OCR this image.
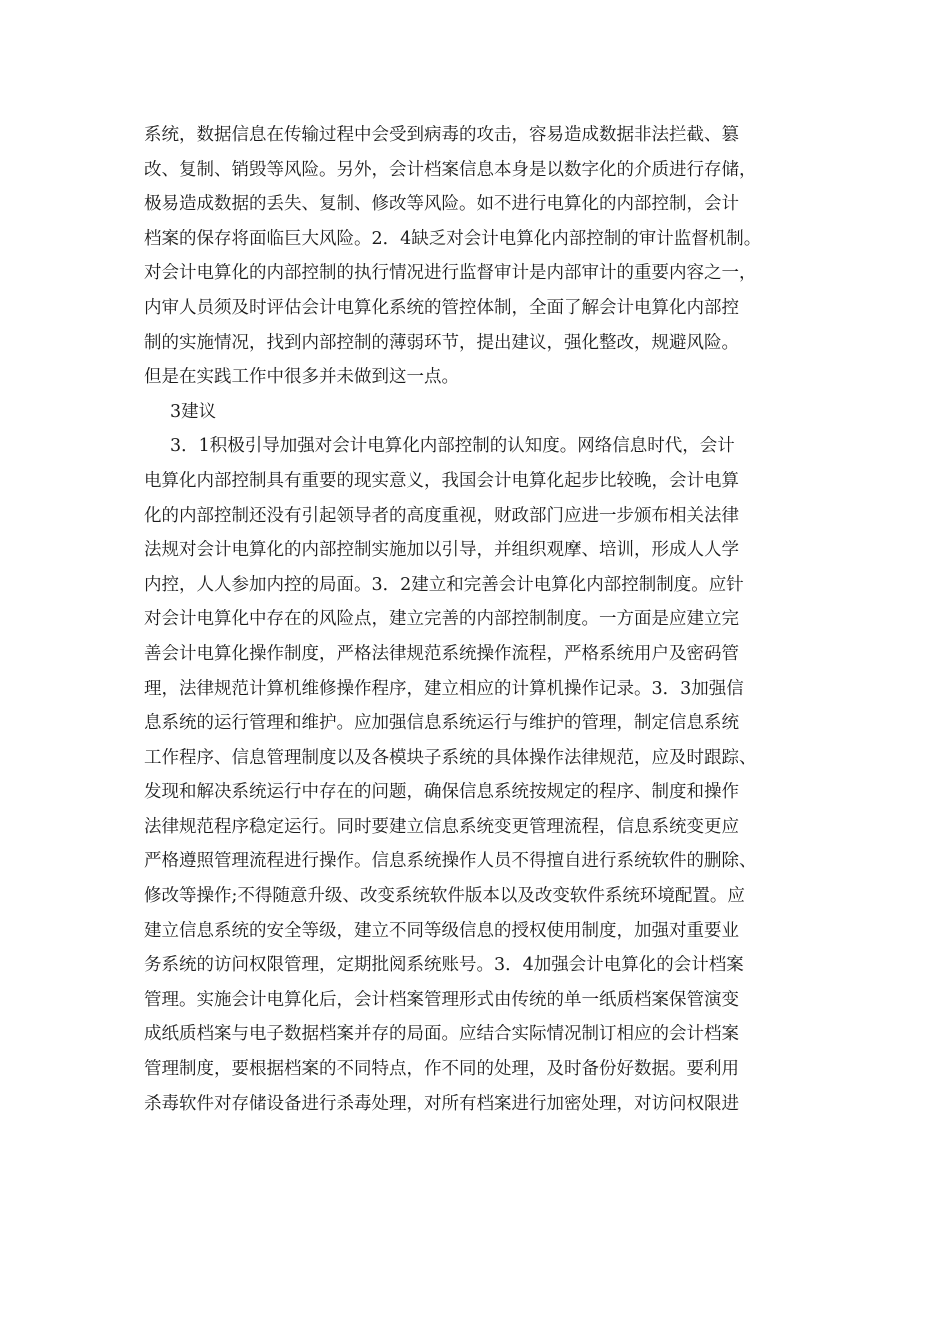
系统，数据信息在传输过程中会受到病毒的攻击，容易造成数据非法拦截、篡
改、复制、销毁等风险。另外，会计档案信息本身是以数字化的介质进行存储，
极易造成数据的丢失、复制、修改等风险。如不进行电算化的内部控制，会计
档案的保存将面临巨大风险。2．4缺乏对会计电算化内部控制的审计监督机制。
对会计电算化的内部控制的执行情况进行监督审计是内部审计的重要内容之一，
内审人员须及时评估会计电算化系统的管控体制，全面了解会计电算化内部控
制的实施情况，找到内部控制的薄弱环节，提出建议，强化整改，规避风险。
但是在实践工作中很多并未做到这一点。
3建议
3．1积极引导加强对会计电算化内部控制的认知度。网络信息时代，会计
电算化内部控制具有重要的现实意义，我国会计电算化起步比较晚，会计电算
化的内部控制还没有引起领导者的高度重视，财政部门应进一步颁布相关法律
法规对会计电算化的内部控制实施加以引导，并组织观摩、培训，形成人人学
内控，人人参加内控的局面。3．2建立和完善会计电算化内部控制制度。应针
对会计电算化中存在的风险点，建立完善的内部控制制度。一方面是应建立完
善会计电算化操作制度，严格法律规范系统操作流程，严格系统用户及密码管
理，法律规范计算机维修操作程序，建立相应的计算机操作记录。3．3加强信
息系统的运行管理和维护。应加强信息系统运行与维护的管理，制定信息系统
工作程序、信息管理制度以及各模块子系统的具体操作法律规范，应及时跟踪、
发现和解决系统运行中存在的问题，确保信息系统按规定的程序、制度和操作
法律规范程序稳定运行。同时要建立信息系统变更管理流程，信息系统变更应
严格遵照管理流程进行操作。信息系统操作人员不得擅自进行系统软件的删除、
修改等操作;不得随意升级、改变系统软件版本以及改变软件系统环境配置。应
建立信息系统的安全等级，建立不同等级信息的授权使用制度，加强对重要业
务系统的访问权限管理，定期批阅系统账号。3．4加强会计电算化的会计档案
管理。实施会计电算化后，会计档案管理形式由传统的单一纸质档案保管演变
成纸质档案与电子数据档案并存的局面。应结合实际情况制订相应的会计档案
管理制度，要根据档案的不同特点，作不同的处理，及时备份好数据。要利用
杀毒软件对存储设备进行杀毒处理，对所有档案进行加密处理，对访问权限进
